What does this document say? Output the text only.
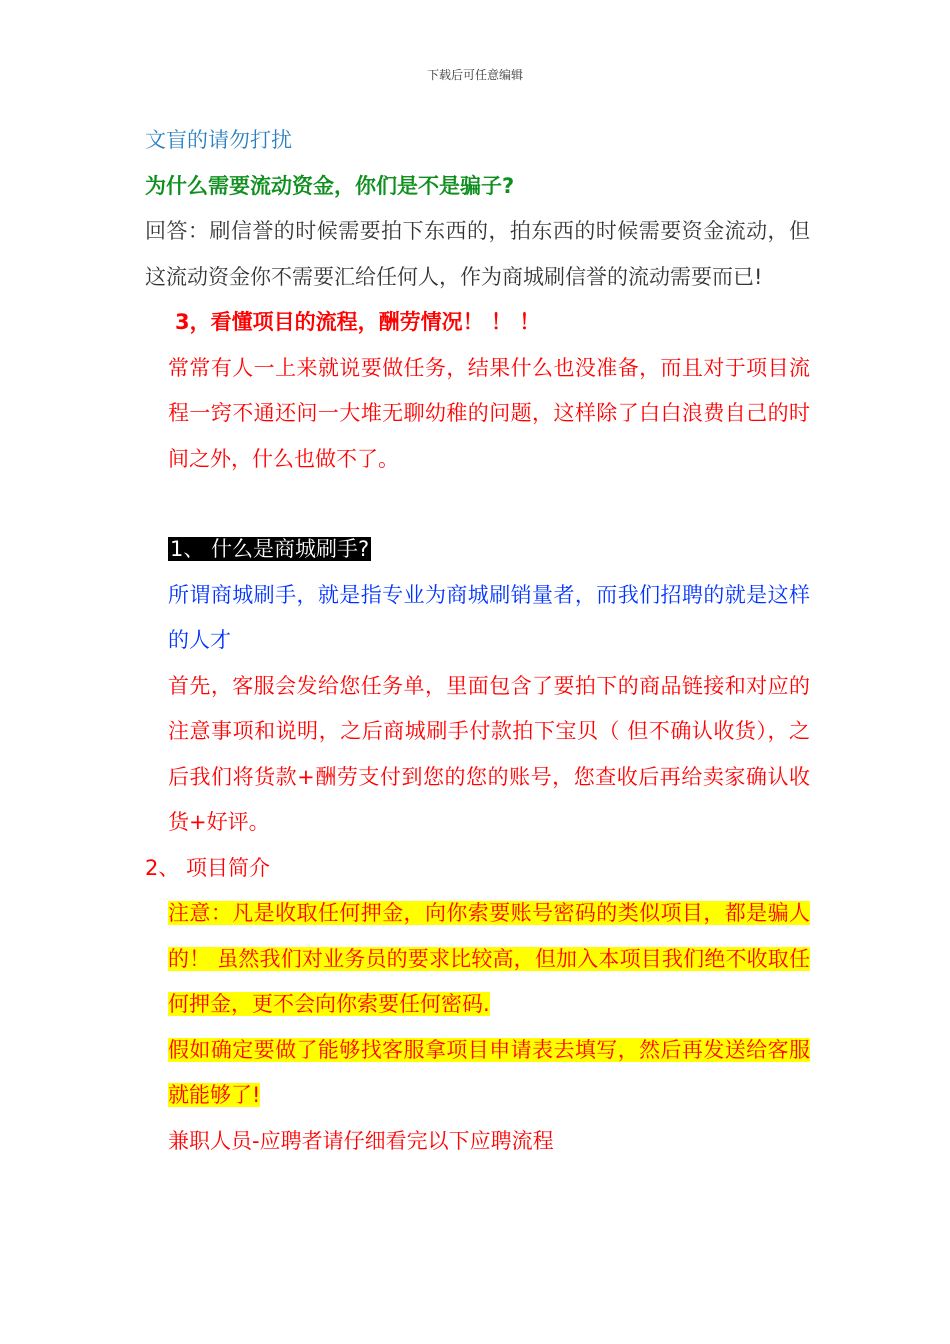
下载后可任意编辑

文盲的请勿打扰

为什么需要流动资金，你们是不是骗子?

回答：刷信誉的时候需要拍下东西的，拍东西的时候需要资金流动，但这流动资金你不需要汇给任何人，作为商城刷信誉的流动需要而已!

3，看懂项目的流程，酬劳情况！ ！ ！

常常有人一上来就说要做任务，结果什么也没准备，而且对于项目流程一窍不通还问一大堆无聊幼稚的问题，这样除了白白浪费自己的时间之外，什么也做不了。

1、 什么是商城刷手?

所谓商城刷手，就是指专业为商城刷销量者，而我们招聘的就是这样的人才

首先，客服会发给您任务单，里面包含了要拍下的商品链接和对应的注意事项和说明，之后商城刷手付款拍下宝贝（ 但不确认收货），之后我们将货款+酬劳支付到您的您的账号，您查收后再给卖家确认收货+好评。

2、 项目简介

注意：凡是收取任何押金，向你索要账号密码的类似项目，都是骗人的！ 虽然我们对业务员的要求比较高，但加入本项目我们绝不收取任何押金，更不会向你索要任何密码.

假如确定要做了能够找客服拿项目申请表去填写，然后再发送给客服就能够了!

兼职人员-应聘者请仔细看完以下应聘流程
